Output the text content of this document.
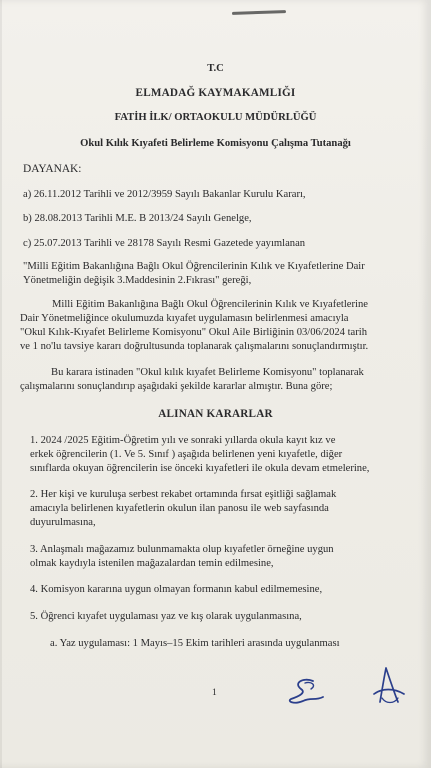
T.C
ELMADAĞ KAYMAKAMLIĞI
FATİH İLK/ ORTAOKULU MÜDÜRLÜĞÜ
Okul Kılık Kıyafeti Belirleme Komisyonu Çalışma Tutanağı
DAYANAK:
a) 26.11.2012 Tarihli ve 2012/3959 Sayılı Bakanlar Kurulu Kararı,
b) 28.08.2013 Tarihli M.E. B 2013/24 Sayılı Genelge,
c) 25.07.2013 Tarihli ve 28178 Sayılı Resmi Gazetede yayımlanan
"Milli Eğitim Bakanlığına Bağlı Okul Öğrencilerinin Kılık ve Kıyafetlerine Dair
Yönetmeliğin değişik 3.Maddesinin 2.Fıkrası" gereği,
Milli Eğitim Bakanlığına Bağlı Okul Öğrencilerinin Kılık ve Kıyafetlerine
Dair Yönetmeliğince okulumuzda kıyafet uygulamasın belirlenmesi amacıyla
"Okul Kılık-Kıyafet Belirleme Komisyonu" Okul Aile Birliğinin 03/06/2024 tarih
ve 1 no'lu tavsiye kararı doğrultusunda toplanarak çalışmalarını sonuçlandırmıştır.
Bu karara istinaden "Okul kılık kıyafet Belirleme Komisyonu" toplanarak
çalışmalarını sonuçlandırıp aşağıdaki şekilde kararlar almıştır. Buna göre;
ALINAN KARARLAR
1. 2024 /2025 Eğitim-Öğretim yılı ve sonraki yıllarda okula kayıt kız ve
erkek öğrencilerin (1. Ve 5. Sınıf ) aşağıda belirlenen yeni kıyafetle, diğer
sınıflarda okuyan öğrencilerin ise önceki kıyafetleri ile okula devam etmelerine,
2. Her kişi ve kuruluşa serbest rekabet ortamında fırsat eşitliği sağlamak
amacıyla belirlenen kıyafetlerin okulun ilan panosu ile web sayfasında
duyurulmasına,
3. Anlaşmalı mağazamız bulunmamakta olup kıyafetler örneğine uygun
olmak kaydıyla istenilen mağazalardan temin edilmesine,
4. Komisyon kararına uygun olmayan formanın kabul edilmemesine,
5. Öğrenci kıyafet uygulaması yaz ve kış olarak uygulanmasına,
a. Yaz uygulaması: 1 Mayıs–15 Ekim tarihleri arasında uygulanması
1
